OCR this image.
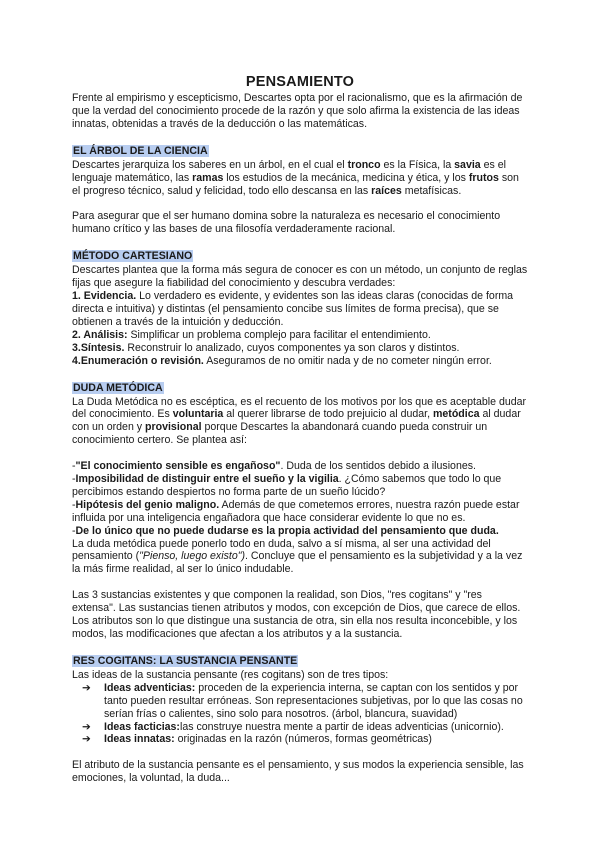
PENSAMIENTO

Frente al empirismo y escepticismo, Descartes opta por el racionalismo, que es la afirmación de que la verdad del conocimiento procede de la razón y que solo afirma la existencia de las ideas innatas, obtenidas a través de la deducción o las matemáticas.

EL ÁRBOL DE LA CIENCIA

Descartes jerarquiza los saberes en un árbol, en el cual el tronco es la Física, la savia es el lenguaje matemático, las ramas los estudios de la mecánica, medicina y ética, y los frutos son el progreso técnico, salud y felicidad, todo ello descansa en las raíces metafísicas.

Para asegurar que el ser humano domina sobre la naturaleza es necesario el conocimiento humano crítico y las bases de una filosofía verdaderamente racional.

MÉTODO CARTESIANO

Descartes plantea que la forma más segura de conocer es con un método, un conjunto de reglas fijas que asegure la fiabilidad del conocimiento y descubra verdades:

1. Evidencia. Lo verdadero es evidente, y evidentes son las ideas claras (conocidas de forma directa e intuitiva) y distintas (el pensamiento concibe sus límites de forma precisa), que se obtienen a través de la intuición y deducción.

2. Análisis: Simplificar un problema complejo para facilitar el entendimiento.

3.Síntesis. Reconstruir lo analizado, cuyos componentes ya son claros y distintos.

4.Enumeración o revisión. Aseguramos de no omitir nada y de no cometer ningún error.

DUDA METÓDICA

La Duda Metódica no es escéptica, es el recuento de los motivos por los que es aceptable dudar del conocimiento. Es voluntaria al querer librarse de todo prejuicio al dudar, metódica al dudar con un orden y provisional porque Descartes la abandonará cuando pueda construir un conocimiento certero. Se plantea así:

-"El conocimiento sensible es engañoso". Duda de los sentidos debido a ilusiones.

-Imposibilidad de distinguir entre el sueño y la vigilia. ¿Cómo sabemos que todo lo que percibimos estando despiertos no forma parte de un sueño lúcido?

-Hipótesis del genio maligno. Además de que cometemos errores, nuestra razón puede estar influida por una inteligencia engañadora que hace considerar evidente lo que no es.

-De lo único que no puede dudarse es la propia actividad del pensamiento que duda.

La duda metódica puede ponerlo todo en duda, salvo a sí misma, al ser una actividad del pensamiento ("Pienso, luego existo"). Concluye que el pensamiento es la subjetividad y a la vez la más firme realidad, al ser lo único indudable.

Las 3 sustancias existentes y que componen la realidad, son Dios, "res cogitans" y "res extensa". Las sustancias tienen atributos y modos, con excepción de Dios, que carece de ellos. Los atributos son lo que distingue una sustancia de otra, sin ella nos resulta inconcebible, y los modos, las modificaciones que afectan a los atributos y a la sustancia.

RES COGITANS: LA SUSTANCIA PENSANTE

Las ideas de la sustancia pensante (res cogitans) son de tres tipos:

➔ Ideas adventicias: proceden de la experiencia interna, se captan con los sentidos y por tanto pueden resultar erróneas. Son representaciones subjetivas, por lo que las cosas no serían frías o calientes, sino solo para nosotros. (árbol, blancura, suavidad)
➔ Ideas facticias:las construye nuestra mente a partir de ideas adventicias (unicornio).
➔ Ideas innatas: originadas en la razón (números, formas geométricas)

El atributo de la sustancia pensante es el pensamiento, y sus modos la experiencia sensible, las emociones, la voluntad, la duda...
